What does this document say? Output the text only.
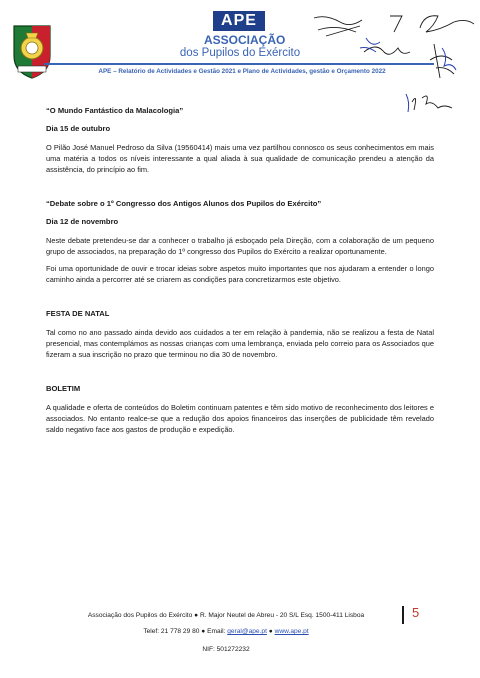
APE
ASSOCIAÇÃO
dos Pupilos do Exército
APE – Relatório de Actividades e Gestão 2021 e Plano de Actividades, gestão e Orçamento 2022

“O Mundo Fantástico da Malacologia”

Dia 15 de outubro

O Pilão José Manuel Pedroso da Silva (19560414) mais uma vez partilhou connosco os seus conhecimentos em mais uma matéria a todos os níveis interessante a qual aliada à sua qualidade de comunicação prendeu a atenção da assistência, do princípio ao fim.

“Debate sobre o 1º Congresso dos Antigos Alunos dos Pupilos do Exército”

Dia 12 de novembro

Neste debate pretendeu-se dar a conhecer o trabalho já esboçado pela Direção, com a colaboração de um pequeno grupo de associados, na preparação do 1º congresso dos Pupilos do Exército a realizar oportunamente.

Foi uma oportunidade de ouvir e trocar ideias sobre aspetos muito importantes que nos ajudaram a entender o longo caminho ainda a percorrer até se criarem as condições para concretizarmos este objetivo.

FESTA DE NATAL

Tal como no ano passado ainda devido aos cuidados a ter em relação à pandemia, não se realizou a festa de Natal presencial, mas contemplámos as nossas crianças com uma lembrança, enviada pelo correio para os Associados que fizeram a sua inscrição no prazo que terminou no dia 30 de novembro.

BOLETIM

A qualidade e oferta de conteúdos do Boletim continuam patentes e têm sido motivo de reconhecimento dos leitores e associados. No entanto realce-se que a redução dos apoios financeiros das inserções de publicidade têm revelado saldo negativo face aos gastos de produção e expedição.

Associação dos Pupilos do Exército ● R. Major Neutel de Abreu - 20 S/L Esq. 1500-411 Lisboa	5
Telef: 21 778 29 80 ● Email: geral@ape.pt ● www.ape.pt
NIF: 501272232
